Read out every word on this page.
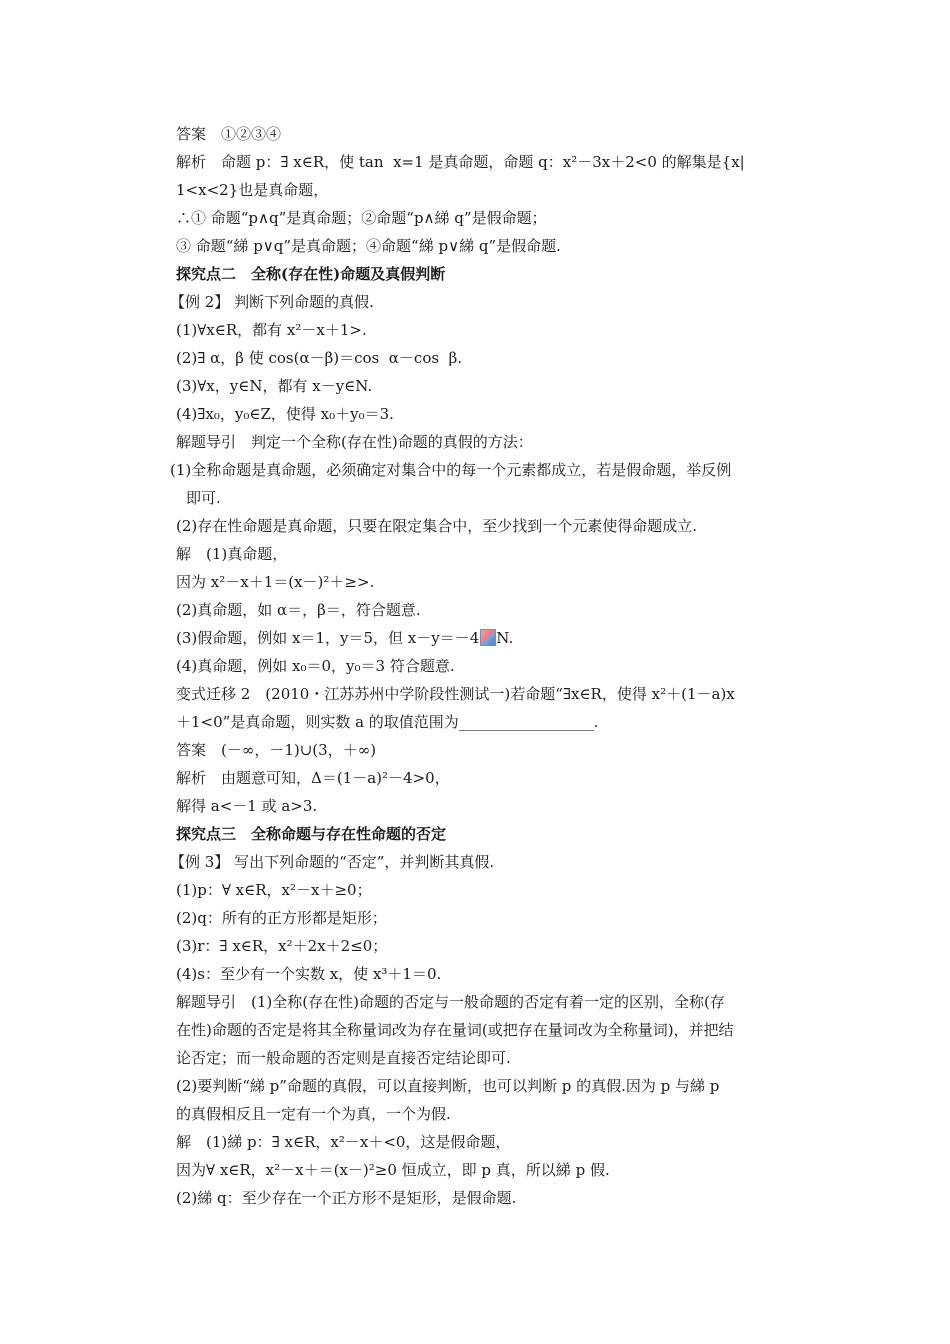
答案　①②③④
解析　命题 p：∃ x∈R，使 tan  x=1 是真命题，命题 q：x²－3x＋2<0 的解集是{x|
1<x<2}也是真命题，
∴① 命题“p∧q”是真命题；②命题“p∧綈 q”是假命题；
③ 命题“綈 p∨q”是真命题；④命题“綈 p∨綈 q”是假命题.
探究点二　全称(存在性)命题及真假判断
【例 2】 判断下列命题的真假.
(1)∀x∈R，都有 x²－x＋1>.
(2)∃ α，β 使 cos(α－β)＝cos  α－cos  β.
(3)∀x，y∈N，都有 x－y∈N.
(4)∃x₀，y₀∈Z，使得 x₀＋y₀＝3.
解题导引　判定一个全称(存在性)命题的真假的方法：
(1)全称命题是真命题，必须确定对集合中的每一个元素都成立，若是假命题，举反例
即可.
(2)存在性命题是真命题，只要在限定集合中，至少找到一个元素使得命题成立.
解　(1)真命题，
因为 x²－x＋1＝(x－)²＋≥>.
(2)真命题，如 α＝，β＝，符合题意.
(3)假命题，例如 x＝1，y＝5，但 x－y＝－4 N.
(4)真命题，例如 x₀＝0，y₀＝3 符合题意.
变式迁移 2　(2010・江苏苏州中学阶段性测试一)若命题“∃x∈R，使得 x²＋(1－a)x
＋1<0”是真命题，则实数 a 的取值范围为__________________.
答案　(－∞，－1)∪(3，＋∞)
解析　由题意可知，Δ＝(1－a)²－4>0，
解得 a<－1 或 a>3.
探究点三　全称命题与存在性命题的否定
【例 3】 写出下列命题的“否定”，并判断其真假.
(1)p：∀ x∈R，x²－x＋≥0；
(2)q：所有的正方形都是矩形；
(3)r：∃ x∈R，x²＋2x＋2≤0；
(4)s：至少有一个实数 x，使 x³＋1＝0.
解题导引　(1)全称(存在性)命题的否定与一般命题的否定有着一定的区别，全称(存
在性)命题的否定是将其全称量词改为存在量词(或把存在量词改为全称量词)，并把结
论否定；而一般命题的否定则是直接否定结论即可.
(2)要判断“綈 p”命题的真假，可以直接判断，也可以判断 p 的真假.因为 p 与綈 p
的真假相反且一定有一个为真，一个为假.
解　(1)綈 p：∃ x∈R，x²－x＋<0，这是假命题，
因为∀ x∈R，x²－x＋＝(x－)²≥0 恒成立，即 p 真，所以綈 p 假.
(2)綈 q：至少存在一个正方形不是矩形，是假命题.
